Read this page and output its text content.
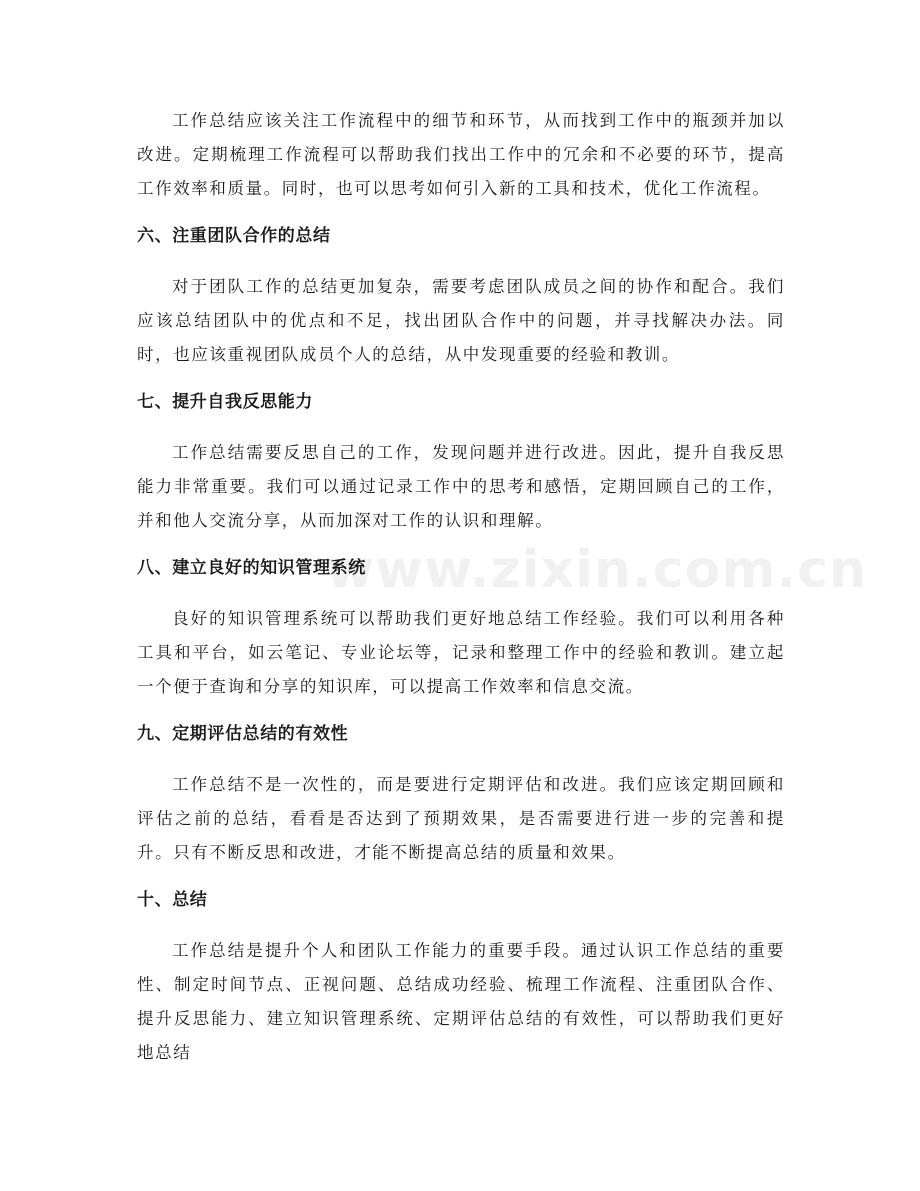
工作总结应该关注工作流程中的细节和环节，从而找到工作中的瓶颈并加以改进。定期梳理工作流程可以帮助我们找出工作中的冗余和不必要的环节，提高工作效率和质量。同时，也可以思考如何引入新的工具和技术，优化工作流程。

六、注重团队合作的总结

对于团队工作的总结更加复杂，需要考虑团队成员之间的协作和配合。我们应该总结团队中的优点和不足，找出团队合作中的问题，并寻找解决办法。同时，也应该重视团队成员个人的总结，从中发现重要的经验和教训。

七、提升自我反思能力

工作总结需要反思自己的工作，发现问题并进行改进。因此，提升自我反思能力非常重要。我们可以通过记录工作中的思考和感悟，定期回顾自己的工作，并和他人交流分享，从而加深对工作的认识和理解。

八、建立良好的知识管理系统

良好的知识管理系统可以帮助我们更好地总结工作经验。我们可以利用各种工具和平台，如云笔记、专业论坛等，记录和整理工作中的经验和教训。建立起一个便于查询和分享的知识库，可以提高工作效率和信息交流。

九、定期评估总结的有效性

工作总结不是一次性的，而是要进行定期评估和改进。我们应该定期回顾和评估之前的总结，看看是否达到了预期效果，是否需要进行进一步的完善和提升。只有不断反思和改进，才能不断提高总结的质量和效果。

十、总结

工作总结是提升个人和团队工作能力的重要手段。通过认识工作总结的重要性、制定时间节点、正视问题、总结成功经验、梳理工作流程、注重团队合作、提升反思能力、建立知识管理系统、定期评估总结的有效性，可以帮助我们更好地总结

www.zixin.com.cn
